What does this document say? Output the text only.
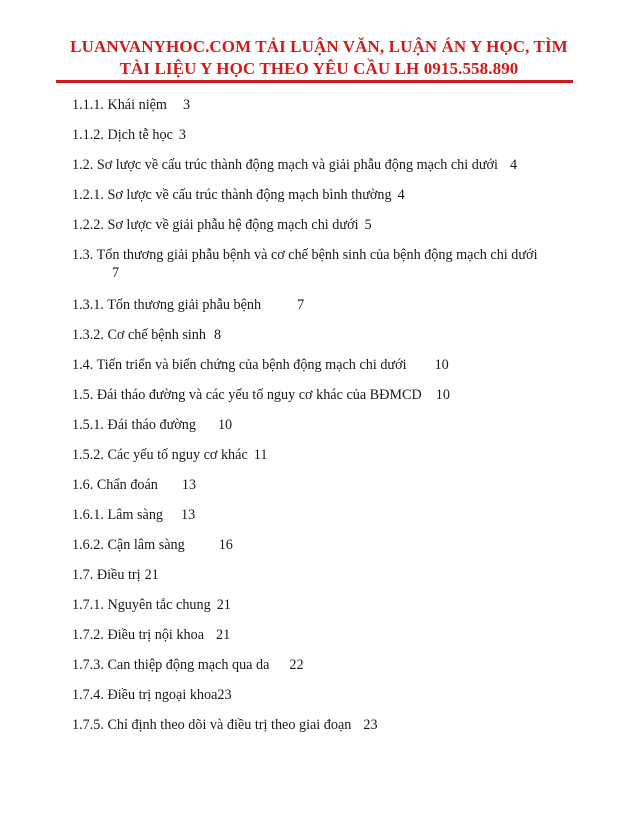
LUANVANYHOC.COM TẢI LUẬN VĂN, LUẬN ÁN Y HỌC, TÌM
TÀI LIỆU Y HỌC THEO YÊU CẦU LH 0915.558.890
1.1.1. Khái niệm 3
1.1.2. Dịch tễ học 3
1.2. Sơ lược về cấu trúc thành động mạch và giải phẫu động mạch chi dưới 4
1.2.1. Sơ lược về cấu trúc thành động mạch bình thường 4
1.2.2. Sơ lược về giải phẫu hệ động mạch chi dưới 5
1.3. Tổn thương giải phẫu bệnh và cơ chế bệnh sinh của bệnh động mạch chi dưới
7
1.3.1. Tổn thương giải phẫu bệnh	7
1.3.2. Cơ chế bệnh sinh 8
1.4. Tiến triển và biến chứng của bệnh động mạch chi dưới 10
1.5. Đái tháo đường và các yếu tố nguy cơ khác của BĐMCD 10
1.5.1. Đái tháo đường 10
1.5.2. Các yếu tố nguy cơ khác 11
1.6. Chẩn đoán 13
1.6.1. Lâm sàng 13
1.6.2. Cận lâm sàng 16
1.7. Điều trị 21
1.7.1. Nguyên tắc chung 21
1.7.2. Điều trị nội khoa 21
1.7.3. Can thiệp động mạch qua da 22
1.7.4. Điều trị ngoại khoa23
1.7.5. Chỉ định theo dõi và điều trị theo giai đoạn 23
